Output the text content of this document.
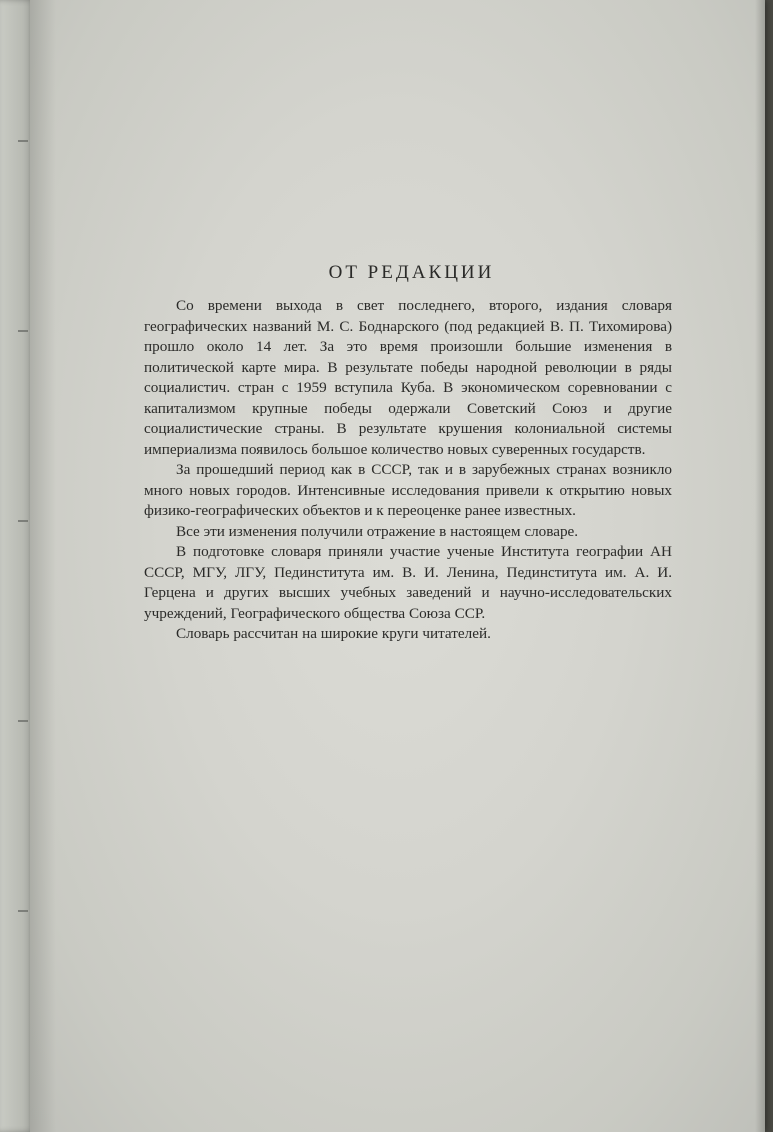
ОТ РЕДАКЦИИ

Со времени выхода в свет последнего, второго, издания словаря географических названий М. С. Боднарского (под редакцией В. П. Тихомирова) прошло около 14 лет. За это время произошли большие изменения в политической карте мира. В результате победы народной революции в ряды социалистич. стран с 1959 вступила Куба. В экономическом соревновании с капитализмом крупные победы одержали Советский Союз и другие социалистические страны. В результате крушения колониальной системы империализма появилось большое количество новых суверенных государств.

За прошедший период как в СССР, так и в зарубежных странах возникло много новых городов. Интенсивные исследования привели к открытию новых физико-географических объектов и к переоценке ранее известных.

Все эти изменения получили отражение в настоящем словаре.

В подготовке словаря приняли участие ученые Института географии АН СССР, МГУ, ЛГУ, Пединститута им. В. И. Ленина, Пединститута им. А. И. Герцена и других высших учебных заведений и научно-исследовательских учреждений, Географического общества Союза ССР.

Словарь рассчитан на широкие круги читателей.
